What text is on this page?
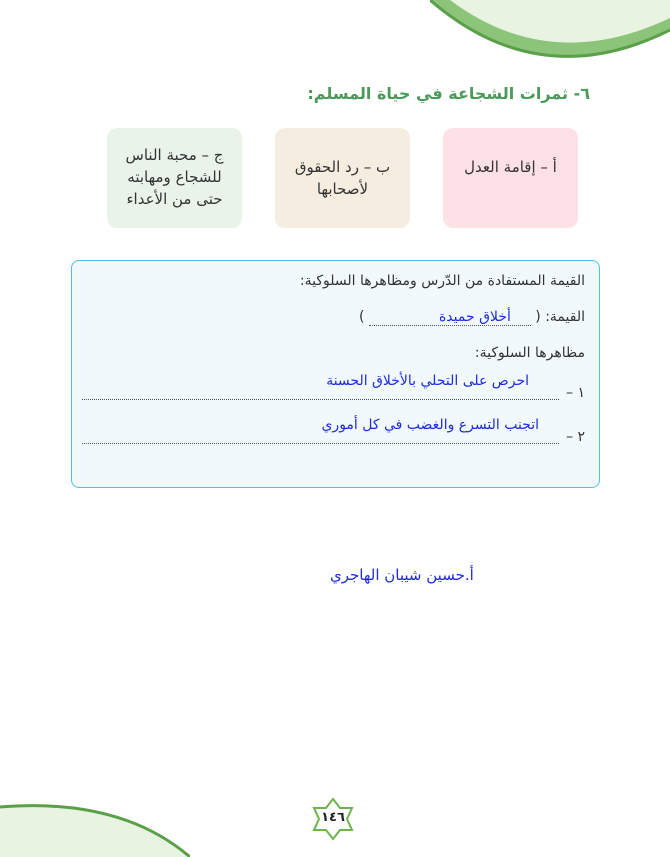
٦- ثمرات الشجاعة في حياة المسلم:
أ – إقامة العدل
ب – رد الحقوق لأصحابها
ج – محبة الناس للشجاع ومهابته حتى من الأعداء
القيمة المستفادة من الدّرس ومظاهرها السلوكية:
القيمة: ( أخلاق حميدة )
مظاهرها السلوكية:
١ –
احرص على التحلي بالأخلاق الحسنة
٢ –
اتجنب التسرع والغضب في كل أموري
أ.حسين شيبان الهاجري
١٤٦
